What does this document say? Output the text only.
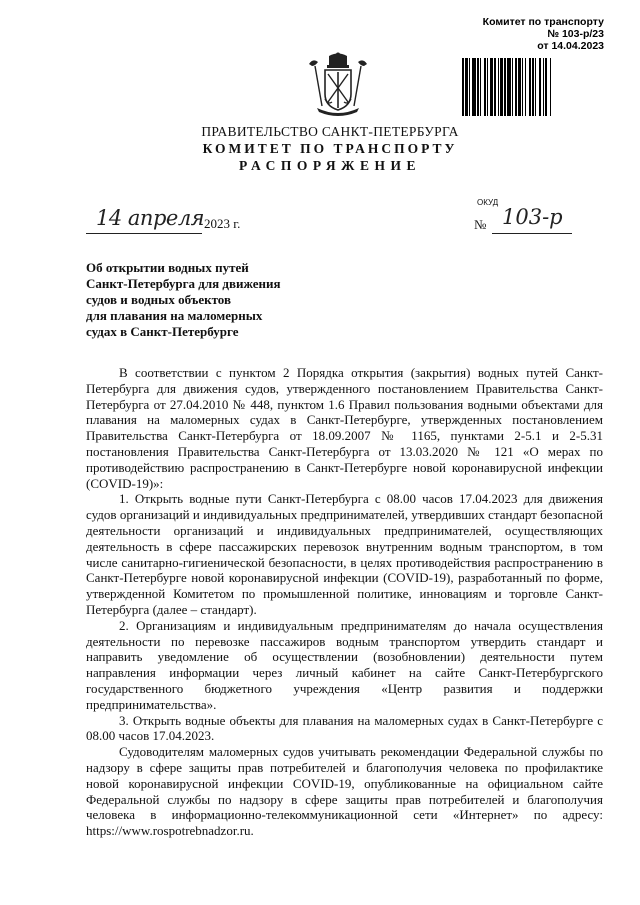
Комитет по транспорту
№ 103-р/23
от 14.04.2023
ПРАВИТЕЛЬСТВО САНКТ-ПЕТЕРБУРГА
КОМИТЕТ ПО ТРАНСПОРТУ
РАСПОРЯЖЕНИЕ
ОКУД
14 апреля 2023 г.	№ 103-р
Об открытии водных путей
Санкт-Петербурга для движения
судов и водных объектов
для плавания на маломерных
судах в Санкт-Петербурге

В соответствии с пунктом 2 Порядка открытия (закрытия) водных путей Санкт-Петербурга для движения судов, утвержденного постановлением Правительства Санкт-Петербурга от 27.04.2010 № 448, пунктом 1.6 Правил пользования водными объектами для плавания на маломерных судах в Санкт-Петербурге, утвержденных постановлением Правительства Санкт-Петербурга от 18.09.2007 № 1165, пунктами 2-5.1 и 2-5.31 постановления Правительства Санкт-Петербурга от 13.03.2020 № 121 «О мерах по противодействию распространению в Санкт-Петербурге новой коронавирусной инфекции (COVID-19)»:

1. Открыть водные пути Санкт-Петербурга с 08.00 часов 17.04.2023 для движения судов организаций и индивидуальных предпринимателей, утвердивших стандарт безопасной деятельности организаций и индивидуальных предпринимателей, осуществляющих деятельность в сфере пассажирских перевозок внутренним водным транспортом, в том числе санитарно-гигиенической безопасности, в целях противодействия распространению в Санкт-Петербурге новой коронавирусной инфекции (COVID-19), разработанный по форме, утвержденной Комитетом по промышленной политике, инновациям и торговле Санкт-Петербурга (далее – стандарт).

2. Организациям и индивидуальным предпринимателям до начала осуществления деятельности по перевозке пассажиров водным транспортом утвердить стандарт и направить уведомление об осуществлении (возобновлении) деятельности путем направления информации через личный кабинет на сайте Санкт-Петербургского государственного бюджетного учреждения «Центр развития и поддержки предпринимательства».

3. Открыть водные объекты для плавания на маломерных судах в Санкт-Петербурге с 08.00 часов 17.04.2023.

Судоводителям маломерных судов учитывать рекомендации Федеральной службы по надзору в сфере защиты прав потребителей и благополучия человека по профилактике новой коронавирусной инфекции COVID-19, опубликованные на официальном сайте Федеральной службы по надзору в сфере защиты прав потребителей и благополучия человека в информационно-телекоммуникационной сети «Интернет» по адресу: https://www.rospotrebnadzor.ru.
